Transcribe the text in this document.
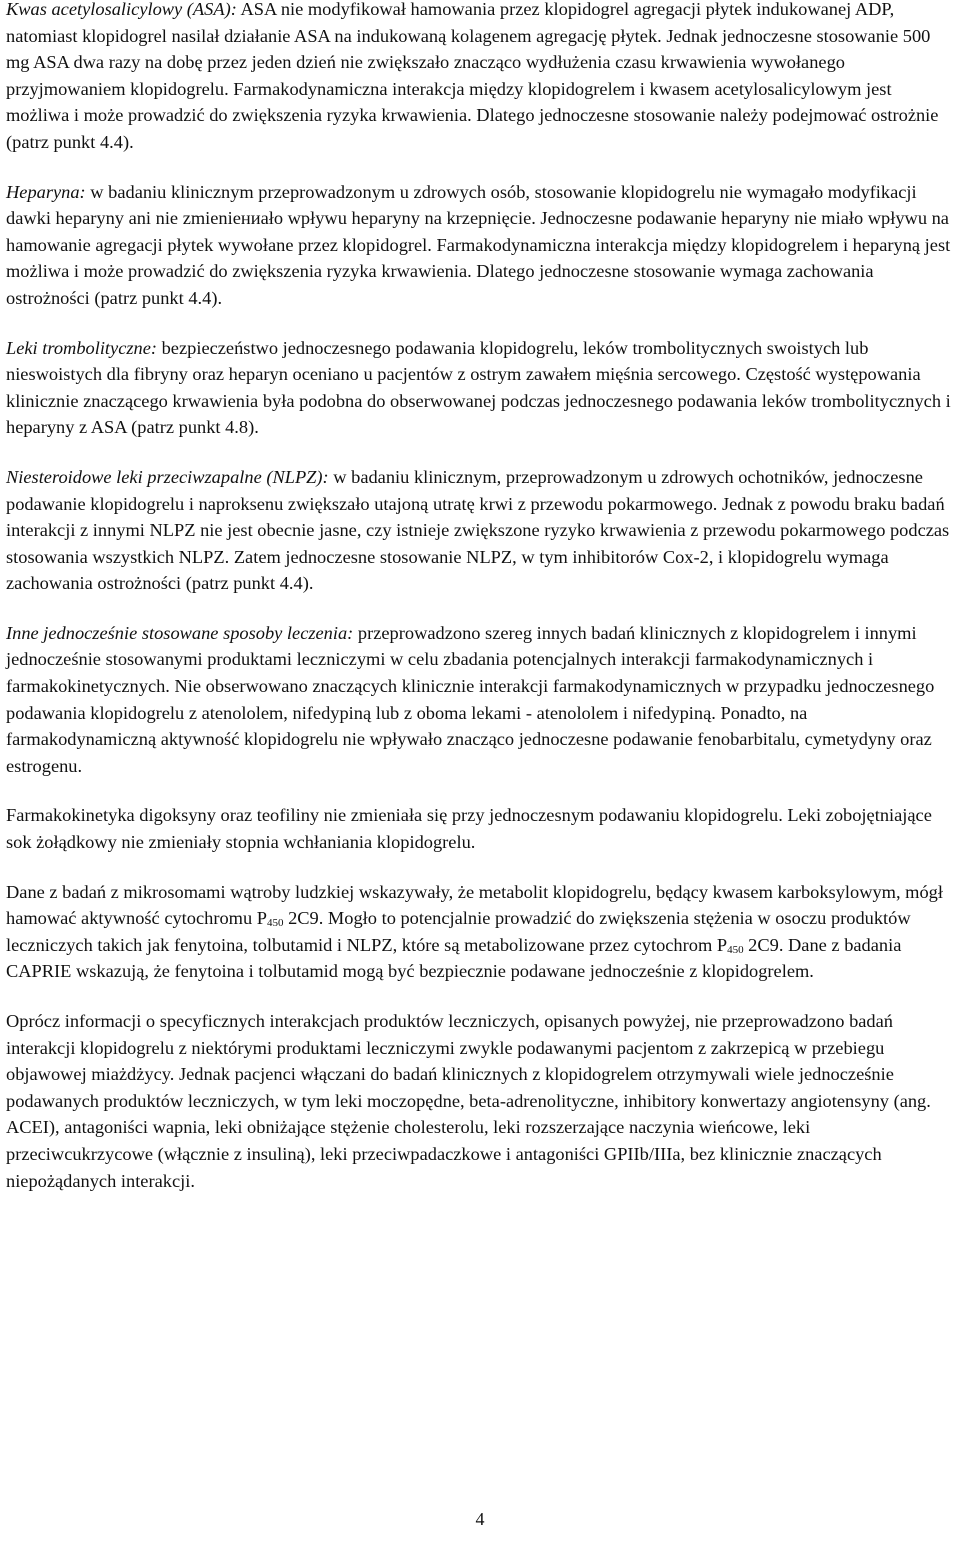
Kwas acetylosalicylowy (ASA): ASA nie modyfikował hamowania przez klopidogrel agregacji płytek indukowanej ADP, natomiast klopidogrel nasilał działanie ASA na indukowaną kolagenem agregację płytek. Jednak jednoczesne stosowanie 500 mg ASA dwa razy na dobę przez jeden dzień nie zwiększało znacząco wydłużenia czasu krwawienia wywołanego przyjmowaniem klopidogrelu. Farmakodynamiczna interakcja między klopidogrelem i kwasem acetylosalicylowym jest możliwa i może prowadzić do zwiększenia ryzyka krwawienia. Dlatego jednoczesne stosowanie należy podejmować ostrożnie (patrz punkt 4.4).

Heparyna: w badaniu klinicznym przeprowadzonym u zdrowych osób, stosowanie klopidogrelu nie wymagało modyfikacji dawki heparyny ani nie zmieniениało wpływu heparyny na krzepnięcie. Jednoczesne podawanie heparyny nie miało wpływu na hamowanie agregacji płytek wywołane przez klopidogrel. Farmakodynamiczna interakcja między klopidogrelem i heparyną jest możliwa i może prowadzić do zwiększenia ryzyka krwawienia. Dlatego jednoczesne stosowanie wymaga zachowania ostrożności (patrz punkt 4.4).

Leki trombolityczne: bezpieczeństwo jednoczesnego podawania klopidogrelu, leków trombolitycznych swoistych lub nieswoistych dla fibryny oraz heparyn oceniano u pacjentów z ostrym zawałem mięśnia sercowego. Częstość występowania klinicznie znaczącego krwawienia była podobna do obserwowanej podczas jednoczesnego podawania leków trombolitycznych i heparyny z ASA (patrz punkt 4.8).

Niesteroidowe leki przeciwzapalne (NLPZ): w badaniu klinicznym, przeprowadzonym u zdrowych ochotników, jednoczesne podawanie klopidogrelu i naproksenu zwiększało utajoną utratę krwi z przewodu pokarmowego. Jednak z powodu braku badań interakcji z innymi NLPZ nie jest obecnie jasne, czy istnieje zwiększone ryzyko krwawienia z przewodu pokarmowego podczas stosowania wszystkich NLPZ. Zatem jednoczesne stosowanie NLPZ, w tym inhibitorów Cox-2, i klopidogrelu wymaga zachowania ostrożności (patrz punkt 4.4).

Inne jednocześnie stosowane sposoby leczenia: przeprowadzono szereg innych badań klinicznych z klopidogrelem i innymi jednocześnie stosowanymi produktami leczniczymi w celu zbadania potencjalnych interakcji farmakodynamicznych i farmakokinetycznych. Nie obserwowano znaczących klinicznie interakcji farmakodynamicznych w przypadku jednoczesnego podawania klopidogrelu z atenololem, nifedypiną lub z oboma lekami - atenololem i nifedypiną. Ponadto, na farmakodynamiczną aktywność klopidogrelu nie wpływało znacząco jednoczesne podawanie fenobarbitalu, cymetydyny oraz estrogenu.

Farmakokinetyka digoksyny oraz teofiliny nie zmieniała się przy jednoczesnym podawaniu klopidogrelu. Leki zobojętniające sok żołądkowy nie zmieniały stopnia wchłaniania klopidogrelu.

Dane z badań z mikrosomami wątroby ludzkiej wskazywały, że metabolit klopidogrelu, będący kwasem karboksylowym, mógł hamować aktywność cytochromu $P_{450}$ 2C9. Mogło to potencjalnie prowadzić do zwiększenia stężenia w osoczu produktów leczniczych takich jak fenytoina, tolbutamid i NLPZ, które są metabolizowane przez cytochrom $P_{450}$ 2C9. Dane z badania CAPRIE wskazują, że fenytoina i tolbutamid mogą być bezpiecznie podawane jednocześnie z klopidogrelem.

Oprócz informacji o specyficznych interakcjach produktów leczniczych, opisanych powyżej, nie przeprowadzono badań interakcji klopidogrelu z niektórymi produktami leczniczymi zwykle podawanymi pacjentom z zakrzepicą w przebiegu objawowej miażdżycy. Jednak pacjenci włączani do badań klinicznych z klopidogrelem otrzymywali wiele jednocześnie podawanych produktów leczniczych, w tym leki moczopędne, beta-adrenolityczne, inhibitory konwertazy angiotensyny (ang. ACEI), antagoniści wapnia, leki obniżające stężenie cholesterolu, leki rozszerzające naczynia wieńcowe, leki przeciwcukrzycowe (włącznie z insuliną), leki przeciwpadaczkowe i antagoniści GPIIb/IIIa, bez klinicznie znaczących niepożądanych interakcji.

4
